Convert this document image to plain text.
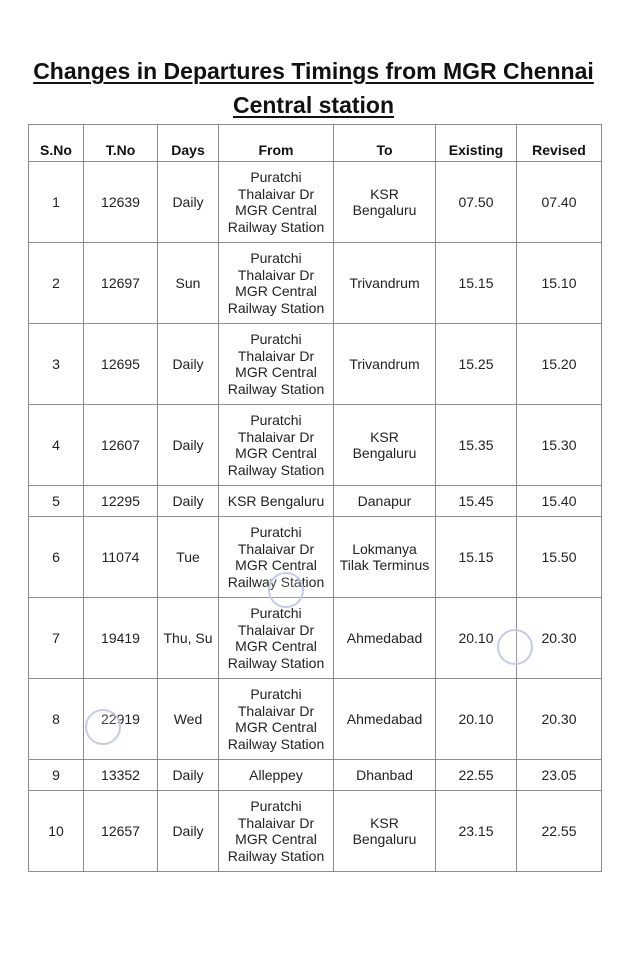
Changes in Departures Timings from MGR Chennai
Central station
S.No	T.No	Days	From	To	Existing	Revised
1	12639	Daily	Puratchi Thalaivar Dr MGR Central Railway Station	KSR Bengaluru	07.50	07.40
2	12697	Sun	Puratchi Thalaivar Dr MGR Central Railway Station	Trivandrum	15.15	15.10
3	12695	Daily	Puratchi Thalaivar Dr MGR Central Railway Station	Trivandrum	15.25	15.20
4	12607	Daily	Puratchi Thalaivar Dr MGR Central Railway Station	KSR Bengaluru	15.35	15.30
5	12295	Daily	KSR Bengaluru	Danapur	15.45	15.40
6	11074	Tue	Puratchi Thalaivar Dr MGR Central Railway Station	Lokmanya Tilak Terminus	15.15	15.50
7	19419	Thu, Su	Puratchi Thalaivar Dr MGR Central Railway Station	Ahmedabad	20.10	20.30
8	22919	Wed	Puratchi Thalaivar Dr MGR Central Railway Station	Ahmedabad	20.10	20.30
9	13352	Daily	Alleppey	Dhanbad	22.55	23.05
10	12657	Daily	Puratchi Thalaivar Dr MGR Central Railway Station	KSR Bengaluru	23.15	22.55
